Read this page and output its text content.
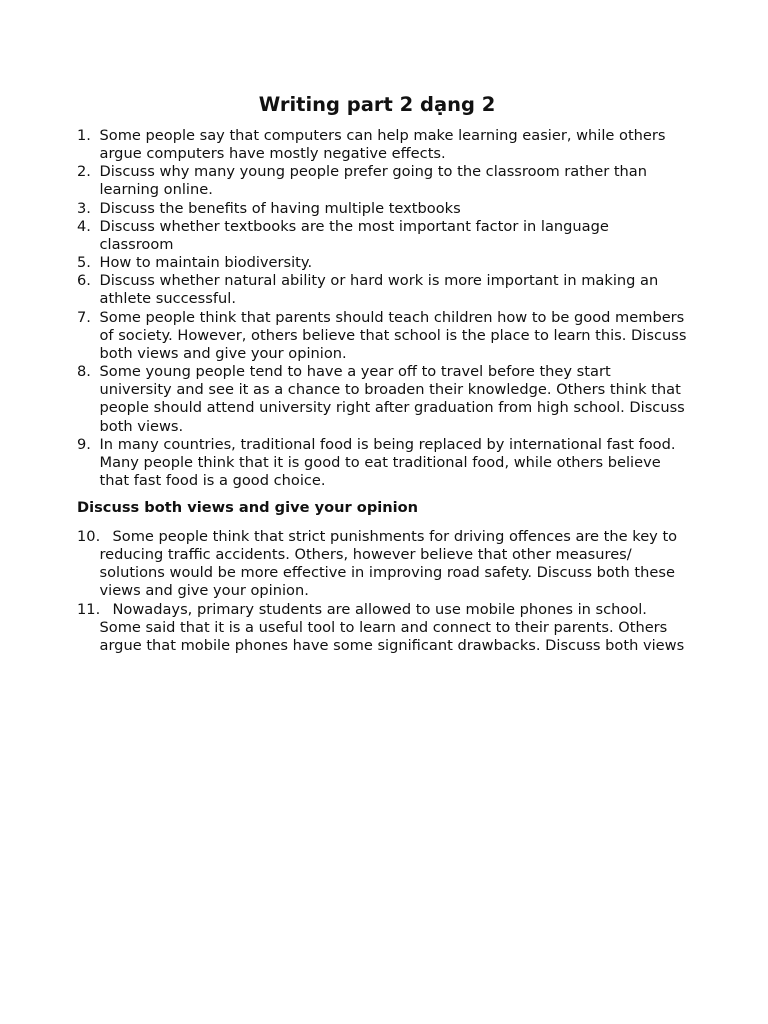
Writing part 2 dạng 2
1. Some people say that computers can help make learning easier, while others argue computers have mostly negative effects.
2. Discuss why many young people prefer going to the classroom rather than learning online.
3. Discuss the benefits of having multiple textbooks
4. Discuss whether textbooks are the most important factor in language classroom
5. How to maintain biodiversity.
6. Discuss whether natural ability or hard work is more important in making an athlete successful.
7. Some people think that parents should teach children how to be good members of society. However, others believe that school is the place to learn this. Discuss both views and give your opinion.
8. Some young people tend to have a year off to travel before they start university and see it as a chance to broaden their knowledge. Others think that people should attend university right after graduation from high school. Discuss both views.
9. In many countries, traditional food is being replaced by international fast food. Many people think that it is good to eat traditional food, while others believe that fast food is a good choice.

Discuss both views and give your opinion

10. Some people think that strict punishments for driving offences are the key to reducing traffic accidents. Others, however believe that other measures/ solutions would be more effective in improving road safety. Discuss both these views and give your opinion.
11. Nowadays, primary students are allowed to use mobile phones in school. Some said that it is a useful tool to learn and connect to their parents. Others argue that mobile phones have some significant drawbacks. Discuss both views
